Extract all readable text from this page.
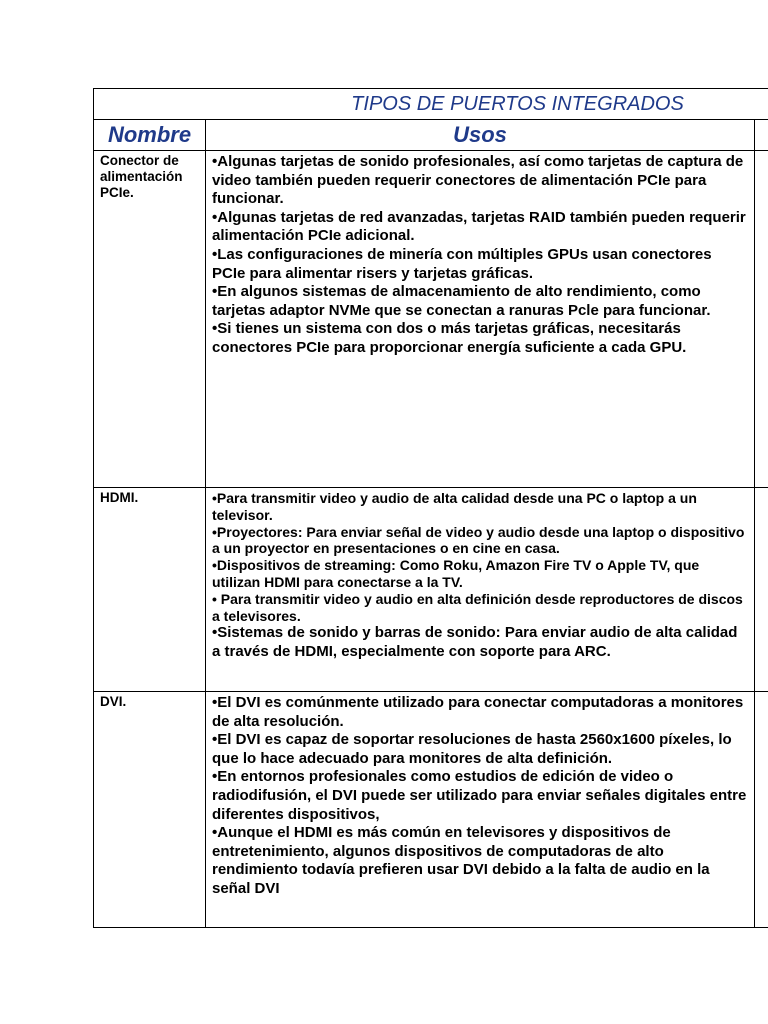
TIPOS DE PUERTOS INTEGRADOS		
Nombre	Usos	
Conector de alimentación PCIe.	•Algunas tarjetas de sonido profesionales, así como tarjetas de captura de video también pueden requerir conectores de alimentación PCIe para funcionar.
•Algunas tarjetas de red avanzadas, tarjetas RAID también pueden requerir alimentación PCIe adicional.
•Las configuraciones de minería con múltiples GPUs usan conectores PCIe para alimentar risers y tarjetas gráficas.
•En algunos sistemas de almacenamiento de alto rendimiento, como tarjetas adaptor NVMe que se conectan a ranuras Pcle para funcionar.
•Si tienes un sistema con dos o más tarjetas gráficas, necesitarás conectores PCIe para proporcionar energía suficiente a cada GPU.	

HDMI.	•Para transmitir video y audio de alta calidad desde una PC o laptop a un televisor.
•Proyectores: Para enviar señal de video y audio desde una laptop o dispositivo a un proyector en presentaciones o en cine en casa.
•Dispositivos de streaming: Como Roku, Amazon Fire TV o Apple TV, que utilizan HDMI para conectarse a la TV.
• Para transmitir video y audio en alta definición desde reproductores de discos a televisores.
•Sistemas de sonido y barras de sonido: Para enviar audio de alta calidad a través de HDMI, especialmente con soporte para ARC.	

DVI.	•El DVI es comúnmente utilizado para conectar computadoras a monitores de alta resolución.
•El DVI es capaz de soportar resoluciones de hasta 2560x1600 píxeles, lo que lo hace adecuado para monitores de alta definición.
•En entornos profesionales como estudios de edición de video o radiodifusión, el DVI puede ser utilizado para enviar señales digitales entre diferentes dispositivos,
•Aunque el HDMI es más común en televisores y dispositivos de entretenimiento, algunos dispositivos de computadoras de alto rendimiento todavía prefieren usar DVI debido a la falta de audio en la señal DVI	
